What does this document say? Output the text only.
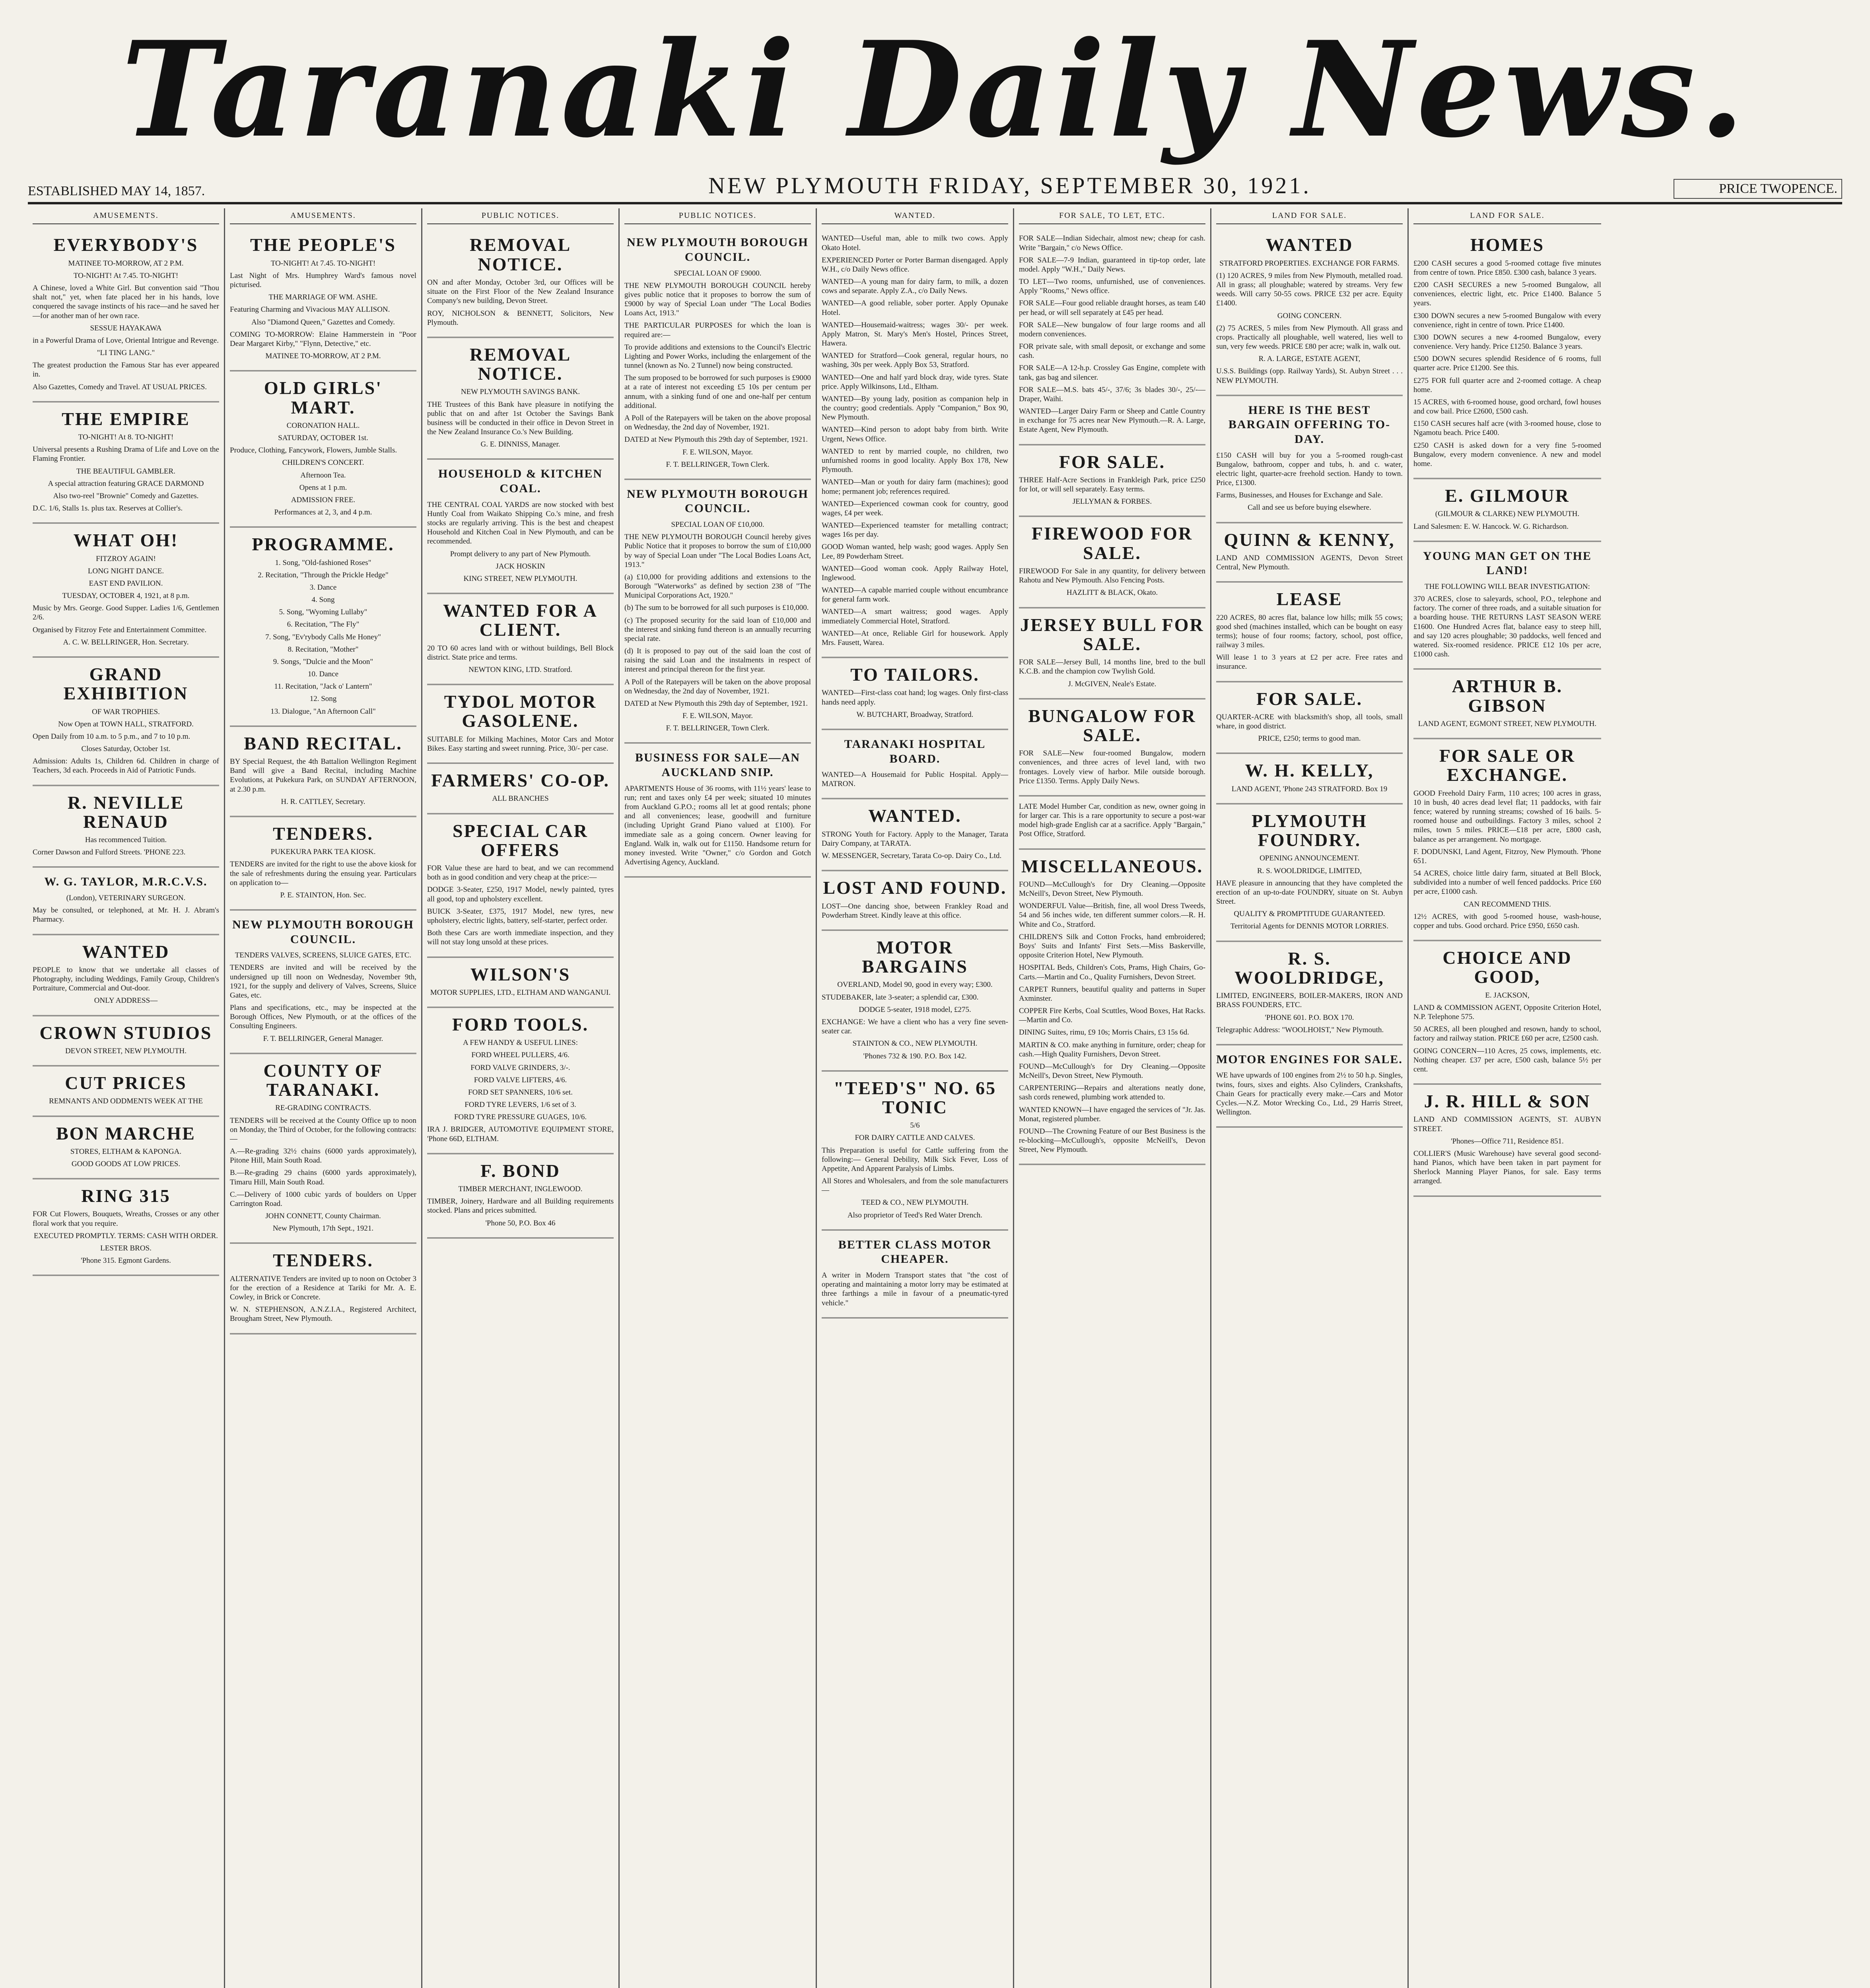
Taranaki Daily News.
ESTABLISHED MAY 14, 1857.	NEW PLYMOUTH FRIDAY, SEPTEMBER 30, 1921.	PRICE TWOPENCE.
AMUSEMENTS.
EVERYBODY'S

MATINEE TO-MORROW, AT 2 P.M.

TO-NIGHT! At 7.45. TO-NIGHT!

A Chinese, loved a White Girl. But convention said "Thou shalt not," yet, when fate placed her in his hands, love conquered the savage instincts of his race—and he saved her—for another man of her own race.

SESSUE HAYAKAWA

in a Powerful Drama of Love, Oriental Intrigue and Revenge.

"LI TING LANG."

The greatest production the Famous Star has ever appeared in.

Also Gazettes, Comedy and Travel. AT USUAL PRICES.

THE EMPIRE

TO-NIGHT! At 8. TO-NIGHT!

Universal presents a Rushing Drama of Life and Love on the Flaming Frontier.

THE BEAUTIFUL GAMBLER.

A special attraction featuring GRACE DARMOND

Also two-reel "Brownie" Comedy and Gazettes.

D.C. 1/6, Stalls 1s. plus tax. Reserves at Collier's.

WHAT OH!

FITZROY AGAIN!

LONG NIGHT DANCE.

EAST END PAVILION.

TUESDAY, OCTOBER 4, 1921, at 8 p.m.

Music by Mrs. George. Good Supper. Ladies 1/6, Gentlemen 2/6.

Organised by Fitzroy Fete and Entertainment Committee.

A. C. W. BELLRINGER, Hon. Secretary.

GRAND EXHIBITION

OF WAR TROPHIES.

Now Open at TOWN HALL, STRATFORD.

Open Daily from 10 a.m. to 5 p.m., and 7 to 10 p.m.

Closes Saturday, October 1st.

Admission: Adults 1s, Children 6d. Children in charge of Teachers, 3d each. Proceeds in Aid of Patriotic Funds.

R. NEVILLE RENAUD

Has recommenced Tuition.

Corner Dawson and Fulford Streets. 'PHONE 223.

W. G. TAYLOR, M.R.C.V.S.

(London), VETERINARY SURGEON.

May be consulted, or telephoned, at Mr. H. J. Abram's Pharmacy.

WANTED

PEOPLE to know that we undertake all classes of Photography, including Weddings, Family Group, Children's Portraiture, Commercial and Out-door.

ONLY ADDRESS—

CROWN STUDIOS

DEVON STREET, NEW PLYMOUTH.

CUT PRICES

REMNANTS AND ODDMENTS WEEK AT THE

BON MARCHE

STORES, ELTHAM & KAPONGA.

GOOD GOODS AT LOW PRICES.

RING 315

FOR Cut Flowers, Bouquets, Wreaths, Crosses or any other floral work that you require.

EXECUTED PROMPTLY. TERMS: CASH WITH ORDER.

LESTER BROS.

'Phone 315. Egmont Gardens.

AMUSEMENTS.
THE PEOPLE'S

TO-NIGHT! At 7.45. TO-NIGHT!

Last Night of Mrs. Humphrey Ward's famous novel picturised.

THE MARRIAGE OF WM. ASHE.

Featuring Charming and Vivacious MAY ALLISON.

Also "Diamond Queen," Gazettes and Comedy.

COMING TO-MORROW: Elaine Hammerstein in "Poor Dear Margaret Kirby," "Flynn, Detective," etc.

MATINEE TO-MORROW, AT 2 P.M.

OLD GIRLS' MART.

CORONATION HALL.

SATURDAY, OCTOBER 1st.

Produce, Clothing, Fancywork, Flowers, Jumble Stalls.

CHILDREN'S CONCERT.

Afternoon Tea.

Opens at 1 p.m.

ADMISSION FREE.

Performances at 2, 3, and 4 p.m.

PROGRAMME.

1. Song, "Old-fashioned Roses"

2. Recitation, "Through the Prickle Hedge"

3. Dance

4. Song

5. Song, "Wyoming Lullaby"

6. Recitation, "The Fly"

7. Song, "Ev'rybody Calls Me Honey"

8. Recitation, "Mother"

9. Songs, "Dulcie and the Moon"

10. Dance

11. Recitation, "Jack o' Lantern"

12. Song

13. Dialogue, "An Afternoon Call"

BAND RECITAL.

BY Special Request, the 4th Battalion Wellington Regiment Band will give a Band Recital, including Machine Evolutions, at Pukekura Park, on SUNDAY AFTERNOON, at 2.30 p.m.

H. R. CATTLEY, Secretary.

TENDERS.

PUKEKURA PARK TEA KIOSK.

TENDERS are invited for the right to use the above kiosk for the sale of refreshments during the ensuing year. Particulars on application to—

P. E. STAINTON, Hon. Sec.

NEW PLYMOUTH BOROUGH COUNCIL.

TENDERS VALVES, SCREENS, SLUICE GATES, ETC.

TENDERS are invited and will be received by the undersigned up till noon on Wednesday, November 9th, 1921, for the supply and delivery of Valves, Screens, Sluice Gates, etc.

Plans and specifications, etc., may be inspected at the Borough Offices, New Plymouth, or at the offices of the Consulting Engineers.

F. T. BELLRINGER, General Manager.

COUNTY OF TARANAKI.

RE-GRADING CONTRACTS.

TENDERS will be received at the County Office up to noon on Monday, the Third of October, for the following contracts:—

A.—Re-grading 32½ chains (6000 yards approximately), Pitone Hill, Main South Road.

B.—Re-grading 29 chains (6000 yards approximately), Timaru Hill, Main South Road.

C.—Delivery of 1000 cubic yards of boulders on Upper Carrington Road.

JOHN CONNETT, County Chairman.

New Plymouth, 17th Sept., 1921.

TENDERS.

ALTERNATIVE Tenders are invited up to noon on October 3 for the erection of a Residence at Tariki for Mr. A. E. Cowley, in Brick or Concrete.

W. N. STEPHENSON, A.N.Z.I.A., Registered Architect, Brougham Street, New Plymouth.

PUBLIC NOTICES.
REMOVAL NOTICE.

ON and after Monday, October 3rd, our Offices will be situate on the First Floor of the New Zealand Insurance Company's new building, Devon Street.

ROY, NICHOLSON & BENNETT, Solicitors, New Plymouth.

REMOVAL NOTICE.

NEW PLYMOUTH SAVINGS BANK.

THE Trustees of this Bank have pleasure in notifying the public that on and after 1st October the Savings Bank business will be conducted in their office in Devon Street in the New Zealand Insurance Co.'s New Building.

G. E. DINNISS, Manager.

HOUSEHOLD & KITCHEN COAL.

THE CENTRAL COAL YARDS are now stocked with best Huntly Coal from Waikato Shipping Co.'s mine, and fresh stocks are regularly arriving. This is the best and cheapest Household and Kitchen Coal in New Plymouth, and can be recommended.

Prompt delivery to any part of New Plymouth.

JACK HOSKIN

KING STREET, NEW PLYMOUTH.

WANTED FOR A CLIENT.

20 TO 60 acres land with or without buildings, Bell Block district. State price and terms.

NEWTON KING, LTD. Stratford.

TYDOL MOTOR GASOLENE.

SUITABLE for Milking Machines, Motor Cars and Motor Bikes. Easy starting and sweet running. Price, 30/- per case.

FARMERS' CO-OP.

ALL BRANCHES

SPECIAL CAR OFFERS

FOR Value these are hard to beat, and we can recommend both as in good condition and very cheap at the price:—

DODGE 3-Seater, £250, 1917 Model, newly painted, tyres all good, top and upholstery excellent.

BUICK 3-Seater, £375, 1917 Model, new tyres, new upholstery, electric lights, battery, self-starter, perfect order.

Both these Cars are worth immediate inspection, and they will not stay long unsold at these prices.

WILSON'S

MOTOR SUPPLIES, LTD., ELTHAM AND WANGANUI.

FORD TOOLS.

A FEW HANDY & USEFUL LINES:

FORD WHEEL PULLERS, 4/6.

FORD VALVE GRINDERS, 3/-.

FORD VALVE LIFTERS, 4/6.

FORD SET SPANNERS, 10/6 set.

FORD TYRE LEVERS, 1/6 set of 3.

FORD TYRE PRESSURE GUAGES, 10/6.

IRA J. BRIDGER, AUTOMOTIVE EQUIPMENT STORE, 'Phone 66D, ELTHAM.

F. BOND

TIMBER MERCHANT, INGLEWOOD.

TIMBER, Joinery, Hardware and all Building requirements stocked. Plans and prices submitted.

'Phone 50, P.O. Box 46

PUBLIC NOTICES.
NEW PLYMOUTH BOROUGH COUNCIL.

SPECIAL LOAN OF £9000.

THE NEW PLYMOUTH BOROUGH COUNCIL hereby gives public notice that it proposes to borrow the sum of £9000 by way of Special Loan under "The Local Bodies Loans Act, 1913."

THE PARTICULAR PURPOSES for which the loan is required are:—

To provide additions and extensions to the Council's Electric Lighting and Power Works, including the enlargement of the tunnel (known as No. 2 Tunnel) now being constructed.

The sum proposed to be borrowed for such purposes is £9000 at a rate of interest not exceeding £5 10s per centum per annum, with a sinking fund of one and one-half per centum additional.

A Poll of the Ratepayers will be taken on the above proposal on Wednesday, the 2nd day of November, 1921.

DATED at New Plymouth this 29th day of September, 1921.

F. E. WILSON, Mayor.

F. T. BELLRINGER, Town Clerk.

NEW PLYMOUTH BOROUGH COUNCIL.

SPECIAL LOAN OF £10,000.

THE NEW PLYMOUTH BOROUGH Council hereby gives Public Notice that it proposes to borrow the sum of £10,000 by way of Special Loan under "The Local Bodies Loans Act, 1913."

(a) £10,000 for providing additions and extensions to the Borough "Waterworks" as defined by section 238 of "The Municipal Corporations Act, 1920."

(b) The sum to be borrowed for all such purposes is £10,000.

(c) The proposed security for the said loan of £10,000 and the interest and sinking fund thereon is an annually recurring special rate.

(d) It is proposed to pay out of the said loan the cost of raising the said Loan and the instalments in respect of interest and principal thereon for the first year.

A Poll of the Ratepayers will be taken on the above proposal on Wednesday, the 2nd day of November, 1921.

DATED at New Plymouth this 29th day of September, 1921.

F. E. WILSON, Mayor.

F. T. BELLRINGER, Town Clerk.

BUSINESS FOR SALE—AN AUCKLAND SNIP.

APARTMENTS House of 36 rooms, with 11½ years' lease to run; rent and taxes only £4 per week; situated 10 minutes from Auckland G.P.O.; rooms all let at good rentals; phone and all conveniences; lease, goodwill and furniture (including Upright Grand Piano valued at £100). For immediate sale as a going concern. Owner leaving for England. Walk in, walk out for £1150. Handsome return for money invested. Write "Owner," c/o Gordon and Gotch Advertising Agency, Auckland.

WANTED.

WANTED—Useful man, able to milk two cows. Apply Okato Hotel.

EXPERIENCED Porter or Porter Barman disengaged. Apply W.H., c/o Daily News office.

WANTED—A young man for dairy farm, to milk, a dozen cows and separate. Apply Z.A., c/o Daily News.

WANTED—A good reliable, sober porter. Apply Opunake Hotel.

WANTED—Housemaid-waitress; wages 30/- per week. Apply Matron, St. Mary's Men's Hostel, Princes Street, Hawera.

WANTED for Stratford—Cook general, regular hours, no washing, 30s per week. Apply Box 53, Stratford.

WANTED—One and half yard block dray, wide tyres. State price. Apply Wilkinsons, Ltd., Eltham.

WANTED—By young lady, position as companion help in the country; good credentials. Apply "Companion," Box 90, New Plymouth.

WANTED—Kind person to adopt baby from birth. Write Urgent, News Office.

WANTED to rent by married couple, no children, two unfurnished rooms in good locality. Apply Box 178, New Plymouth.

WANTED—Man or youth for dairy farm (machines); good home; permanent job; references required.

WANTED—Experienced cowman cook for country, good wages, £4 per week.

WANTED—Experienced teamster for metalling contract; wages 16s per day.

GOOD Woman wanted, help wash; good wages. Apply Sen Lee, 89 Powderham Street.

WANTED—Good woman cook. Apply Railway Hotel, Inglewood.

WANTED—A capable married couple without encumbrance for general farm work.

WANTED—A smart waitress; good wages. Apply immediately Commercial Hotel, Stratford.

WANTED—At once, Reliable Girl for housework. Apply Mrs. Fausett, Warea.

TO TAILORS.

WANTED—First-class coat hand; log wages. Only first-class hands need apply.

W. BUTCHART, Broadway, Stratford.

TARANAKI HOSPITAL BOARD.

WANTED—A Housemaid for Public Hospital. Apply— MATRON.

WANTED.

STRONG Youth for Factory. Apply to the Manager, Tarata Dairy Company, at TARATA.

W. MESSENGER, Secretary, Tarata Co-op. Dairy Co., Ltd.

LOST AND FOUND.

LOST—One dancing shoe, between Frankley Road and Powderham Street. Kindly leave at this office.

MOTOR BARGAINS

OVERLAND, Model 90, good in every way; £300.

STUDEBAKER, late 3-seater; a splendid car, £300.

DODGE 5-seater, 1918 model, £275.

EXCHANGE: We have a client who has a very fine seven-seater car.

STAINTON & CO., NEW PLYMOUTH.

'Phones 732 & 190. P.O. Box 142.

"TEED'S" NO. 65 TONIC

5/6

FOR DAIRY CATTLE AND CALVES.

This Preparation is useful for Cattle suffering from the following:— General Debility, Milk Sick Fever, Loss of Appetite, And Apparent Paralysis of Limbs.

All Stores and Wholesalers, and from the sole manufacturers—

TEED & CO., NEW PLYMOUTH.

Also proprietor of Teed's Red Water Drench.

BETTER CLASS MOTOR CHEAPER.

A writer in Modern Transport states that "the cost of operating and maintaining a motor lorry may be estimated at three farthings a mile in favour of a pneumatic-tyred vehicle."

FOR SALE, TO LET, ETC.

FOR SALE—Indian Sidechair, almost new; cheap for cash. Write "Bargain," c/o News Office.

FOR SALE—7-9 Indian, guaranteed in tip-top order, late model. Apply "W.H.," Daily News.

TO LET—Two rooms, unfurnished, use of conveniences. Apply "Rooms," News office.

FOR SALE—Four good reliable draught horses, as team £40 per head, or will sell separately at £45 per head.

FOR SALE—New bungalow of four large rooms and all modern conveniences.

FOR private sale, with small deposit, or exchange and some cash.

FOR SALE—A 12-h.p. Crossley Gas Engine, complete with tank, gas bag and silencer.

FOR SALE—M.S. bats 45/-, 37/6; 3s blades 30/-, 25/-—Draper, Waihi.

WANTED—Larger Dairy Farm or Sheep and Cattle Country in exchange for 75 acres near New Plymouth.—R. A. Large, Estate Agent, New Plymouth.

FOR SALE.

THREE Half-Acre Sections in Frankleigh Park, price £250 for lot, or will sell separately. Easy terms.

JELLYMAN & FORBES.

FIREWOOD FOR SALE.

FIREWOOD For Sale in any quantity, for delivery between Rahotu and New Plymouth. Also Fencing Posts.

HAZLITT & BLACK, Okato.

JERSEY BULL FOR SALE.

FOR SALE—Jersey Bull, 14 months line, bred to the bull K.C.B. and the champion cow Twylish Gold.

J. McGIVEN, Neale's Estate.

BUNGALOW FOR SALE.

FOR SALE—New four-roomed Bungalow, modern conveniences, and three acres of level land, with two frontages. Lovely view of harbor. Mile outside borough. Price £1350. Terms. Apply Daily News.

LATE Model Humber Car, condition as new, owner going in for larger car. This is a rare opportunity to secure a post-war model high-grade English car at a sacrifice. Apply "Bargain," Post Office, Stratford.

MISCELLANEOUS.

FOUND—McCullough's for Dry Cleaning.—Opposite McNeill's, Devon Street, New Plymouth.

WONDERFUL Value—British, fine, all wool Dress Tweeds, 54 and 56 inches wide, ten different summer colors.—R. H. White and Co., Stratford.

CHILDREN'S Silk and Cotton Frocks, hand embroidered; Boys' Suits and Infants' First Sets.—Miss Baskerville, opposite Criterion Hotel, New Plymouth.

HOSPITAL Beds, Children's Cots, Prams, High Chairs, Go-Carts.—Martin and Co., Quality Furnishers, Devon Street.

CARPET Runners, beautiful quality and patterns in Super Axminster.

COPPER Fire Kerbs, Coal Scuttles, Wood Boxes, Hat Racks.—Martin and Co.

DINING Suites, rimu, £9 10s; Morris Chairs, £3 15s 6d.

MARTIN & CO. make anything in furniture, order; cheap for cash.—High Quality Furnishers, Devon Street.

FOUND—McCullough's for Dry Cleaning.—Opposite McNeill's, Devon Street, New Plymouth.

CARPENTERING—Repairs and alterations neatly done, sash cords renewed, plumbing work attended to.

WANTED KNOWN—I have engaged the services of "Jr. Jas. Monat, registered plumber.

FOUND—The Crowning Feature of our Best Business is the re-blocking—McCullough's, opposite McNeill's, Devon Street, New Plymouth.

LAND FOR SALE.
WANTED

STRATFORD PROPERTIES. EXCHANGE FOR FARMS.

(1) 120 ACRES, 9 miles from New Plymouth, metalled road. All in grass; all ploughable; watered by streams. Very few weeds. Will carry 50-55 cows. PRICE £32 per acre. Equity £1400.

GOING CONCERN.

(2) 75 ACRES, 5 miles from New Plymouth. All grass and crops. Practically all ploughable, well watered, lies well to sun, very few weeds. PRICE £80 per acre; walk in, walk out.

R. A. LARGE, ESTATE AGENT,

U.S.S. Buildings (opp. Railway Yards), St. Aubyn Street . . . NEW PLYMOUTH.

HERE IS THE BEST BARGAIN OFFERING TO-DAY.

£150 CASH will buy for you a 5-roomed rough-cast Bungalow, bathroom, copper and tubs, h. and c. water, electric light, quarter-acre freehold section. Handy to town. Price, £1300.

Farms, Businesses, and Houses for Exchange and Sale.

Call and see us before buying elsewhere.

QUINN & KENNY,

LAND AND COMMISSION AGENTS, Devon Street Central, New Plymouth.

LEASE

220 ACRES, 80 acres flat, balance low hills; milk 55 cows; good shed (machines installed, which can be bought on easy terms); house of four rooms; factory, school, post office, railway 3 miles.

Will lease 1 to 3 years at £2 per acre. Free rates and insurance.

FOR SALE.

QUARTER-ACRE with blacksmith's shop, all tools, small whare, in good district.

PRICE, £250; terms to good man.

W. H. KELLY,

LAND AGENT, 'Phone 243 STRATFORD. Box 19

PLYMOUTH FOUNDRY.

OPENING ANNOUNCEMENT.

R. S. WOOLDRIDGE, LIMITED,

HAVE pleasure in announcing that they have completed the erection of an up-to-date FOUNDRY, situate on St. Aubyn Street.

QUALITY & PROMPTITUDE GUARANTEED.

Territorial Agents for DENNIS MOTOR LORRIES.

R. S. WOOLDRIDGE,

LIMITED, ENGINEERS, BOILER-MAKERS, IRON AND BRASS FOUNDERS, ETC.

'PHONE 601. P.O. BOX 170.

Telegraphic Address: "WOOLHOIST," New Plymouth.

MOTOR ENGINES FOR SALE.

WE have upwards of 100 engines from 2½ to 50 h.p. Singles, twins, fours, sixes and eights. Also Cylinders, Crankshafts, Chain Gears for practically every make.—Cars and Motor Cycles.—N.Z. Motor Wrecking Co., Ltd., 29 Harris Street, Wellington.

LAND FOR SALE.
HOMES

£200 CASH secures a good 5-roomed cottage five minutes from centre of town. Price £850. £300 cash, balance 3 years.

£200 CASH SECURES a new 5-roomed Bungalow, all conveniences, electric light, etc. Price £1400. Balance 5 years.

£300 DOWN secures a new 5-roomed Bungalow with every convenience, right in centre of town. Price £1400.

£300 DOWN secures a new 4-roomed Bungalow, every convenience. Very handy. Price £1250. Balance 3 years.

£500 DOWN secures splendid Residence of 6 rooms, full quarter acre. Price £1200. See this.

£275 FOR full quarter acre and 2-roomed cottage. A cheap home.

15 ACRES, with 6-roomed house, good orchard, fowl houses and cow bail. Price £2600, £500 cash.

£150 CASH secures half acre (with 3-roomed house, close to Ngamotu beach. Price £400.

£250 CASH is asked down for a very fine 5-roomed Bungalow, every modern convenience. A new and model home.

E. GILMOUR

(GILMOUR & CLARKE) NEW PLYMOUTH.

Land Salesmen: E. W. Hancock. W. G. Richardson.

YOUNG MAN GET ON THE LAND!

THE FOLLOWING WILL BEAR INVESTIGATION:

370 ACRES, close to saleyards, school, P.O., telephone and factory. The corner of three roads, and a suitable situation for a boarding house. THE RETURNS LAST SEASON WERE £1600. One Hundred Acres flat, balance easy to steep hill, and say 120 acres ploughable; 30 paddocks, well fenced and watered. Six-roomed residence. PRICE £12 10s per acre, £1000 cash.

ARTHUR B. GIBSON

LAND AGENT, EGMONT STREET, NEW PLYMOUTH.

FOR SALE OR EXCHANGE.

GOOD Freehold Dairy Farm, 110 acres; 100 acres in grass, 10 in bush, 40 acres dead level flat; 11 paddocks, with fair fence; watered by running streams; cowshed of 16 bails. 5-roomed house and outbuildings. Factory 3 miles, school 2 miles, town 5 miles. PRICE—£18 per acre, £800 cash, balance as per arrangement. No mortgage.

F. DODUNSKI, Land Agent, Fitzroy, New Plymouth. 'Phone 651.

54 ACRES, choice little dairy farm, situated at Bell Block, subdivided into a number of well fenced paddocks. Price £60 per acre, £1000 cash.

CAN RECOMMEND THIS.

12½ ACRES, with good 5-roomed house, wash-house, copper and tubs. Good orchard. Price £950, £650 cash.

CHOICE AND GOOD,

E. JACKSON,

LAND & COMMISSION AGENT, Opposite Criterion Hotel, N.P. Telephone 575.

50 ACRES, all been ploughed and resown, handy to school, factory and railway station. PRICE £60 per acre, £2500 cash.

GOING CONCERN—110 Acres, 25 cows, implements, etc. Nothing cheaper. £37 per acre, £500 cash, balance 5½ per cent.

J. R. HILL & SON

LAND AND COMMISSION AGENTS, ST. AUBYN STREET.

'Phones—Office 711, Residence 851.

COLLIER'S (Music Warehouse) have several good second-hand Pianos, which have been taken in part payment for Sherlock Manning Player Pianos, for sale. Easy terms arranged.
